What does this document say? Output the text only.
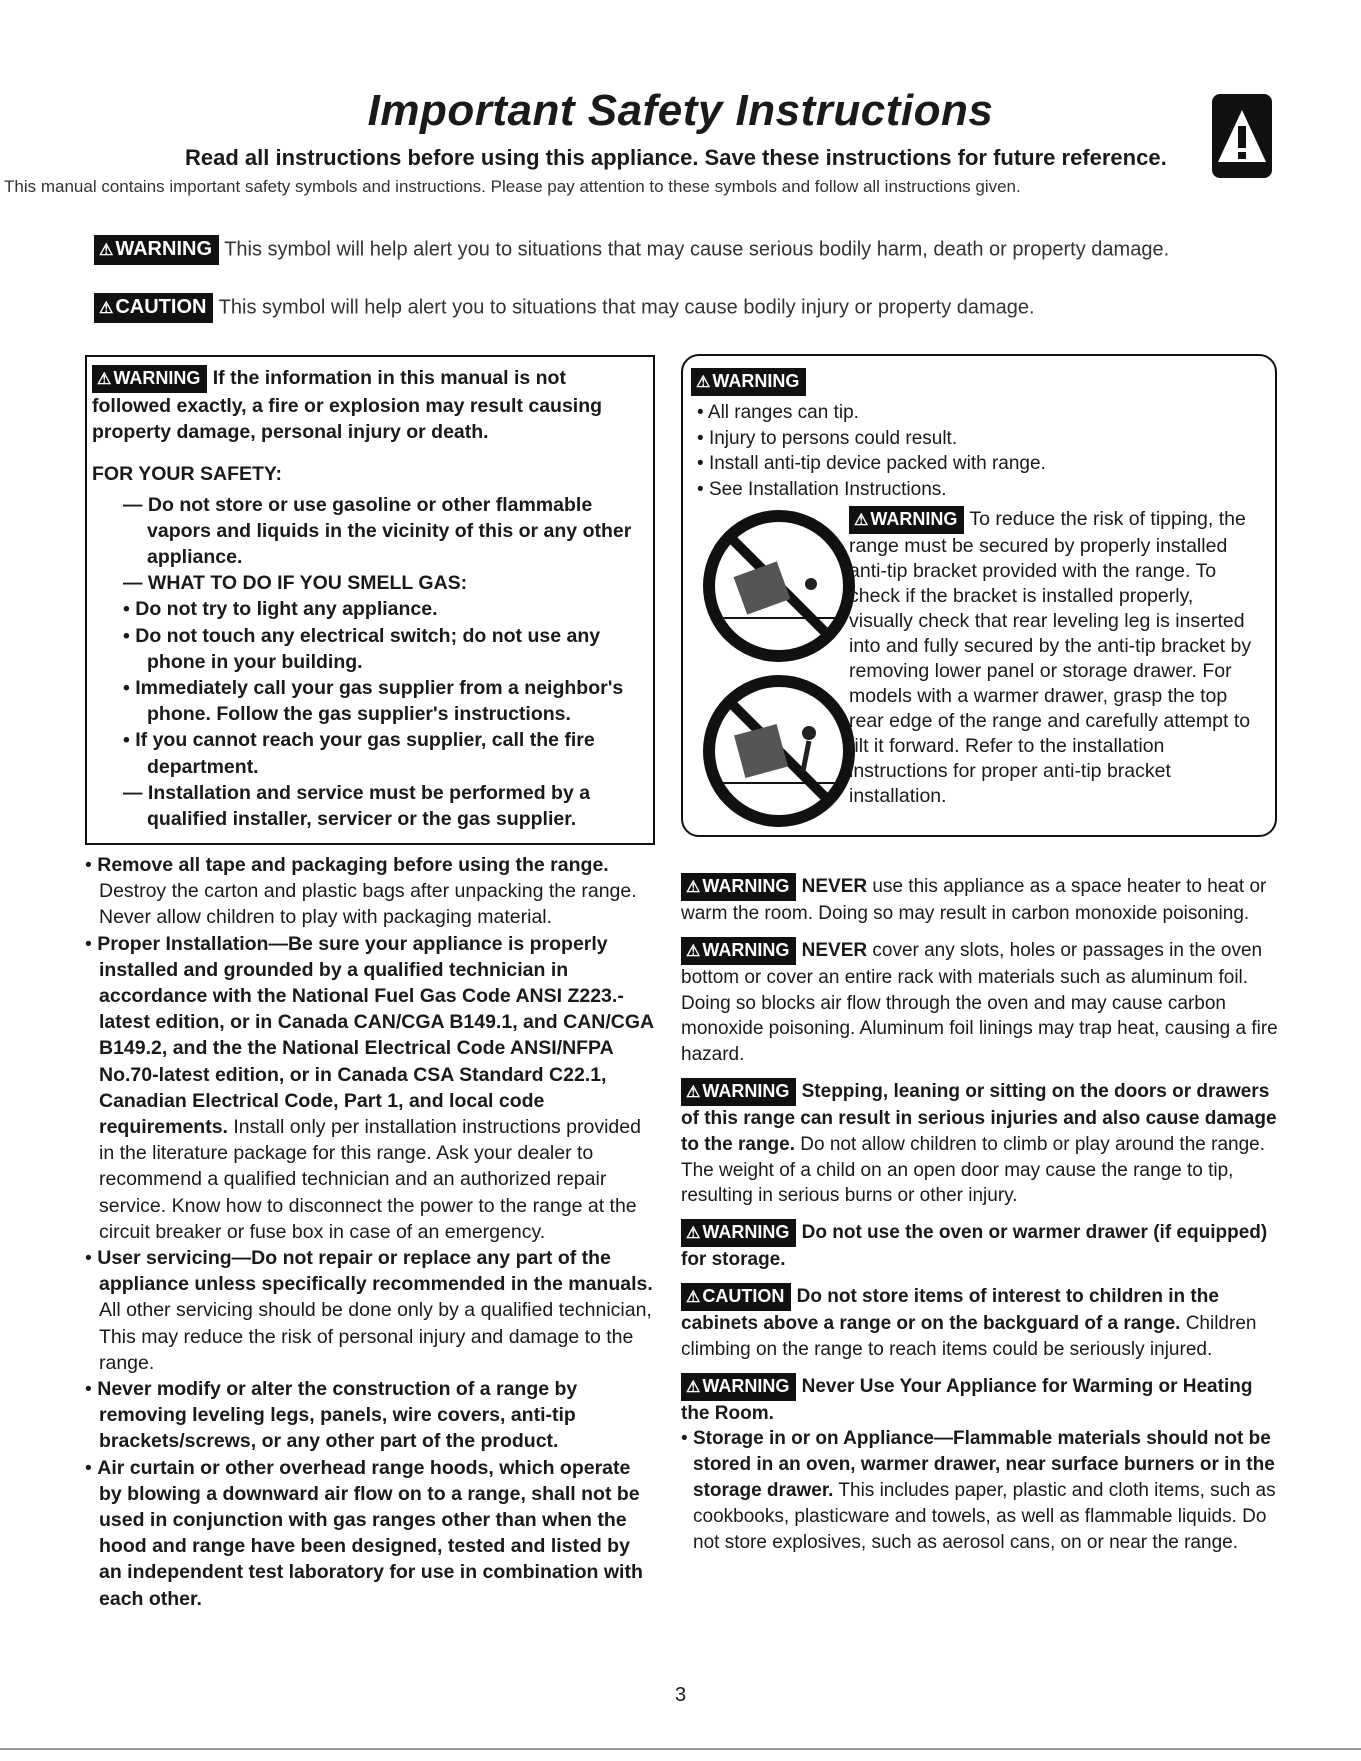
Important Safety Instructions
Read all instructions before using this appliance. Save these instructions for future reference.
This manual contains important safety symbols and instructions. Please pay attention to these symbols and follow all instructions given.
⚠ WARNING This symbol will help alert you to situations that may cause serious bodily harm, death or property damage.
⚠ CAUTION This symbol will help alert you to situations that may cause bodily injury or property damage.
⚠ WARNING If the information in this manual is not followed exactly, a fire or explosion may result causing property damage, personal injury or death.
FOR YOUR SAFETY:
— Do not store or use gasoline or other flammable vapors and liquids in the vicinity of this or any other appliance.
— WHAT TO DO IF YOU SMELL GAS:
• Do not try to light any appliance.
• Do not touch any electrical switch; do not use any phone in your building.
• Immediately call your gas supplier from a neighbor's phone. Follow the gas supplier's instructions.
• If you cannot reach your gas supplier, call the fire department.
— Installation and service must be performed by a qualified installer, servicer or the gas supplier.

• Remove all tape and packaging before using the range. Destroy the carton and plastic bags after unpacking the range. Never allow children to play with packaging material.

• Proper Installation—Be sure your appliance is properly installed and grounded by a qualified technician in accordance with the National Fuel Gas Code ANSI Z223.- latest edition, or in Canada CAN/CGA B149.1, and CAN/CGA B149.2, and the the National Electrical Code ANSI/NFPA No.70-latest edition, or in Canada CSA Standard C22.1, Canadian Electrical Code, Part 1, and local code requirements. Install only per installation instructions provided in the literature package for this range. Ask your dealer to recommend a qualified technician and an authorized repair service. Know how to disconnect the power to the range at the circuit breaker or fuse box in case of an emergency.

• User servicing—Do not repair or replace any part of the appliance unless specifically recommended in the manuals. All other servicing should be done only by a qualified technician, This may reduce the risk of personal injury and damage to the range.

• Never modify or alter the construction of a range by removing leveling legs, panels, wire covers, anti-tip brackets/screws, or any other part of the product.

• Air curtain or other overhead range hoods, which operate by blowing a downward air flow on to a range, shall not be used in conjunction with gas ranges other than when the hood and range have been designed, tested and listed by an independent test laboratory for use in combination with each other.

⚠ WARNING
• All ranges can tip.
• Injury to persons could result.
• Install anti-tip device packed with range.
• See Installation Instructions.
⚠ WARNING To reduce the risk of tipping, the range must be secured by properly installed anti-tip bracket provided with the range. To check if the bracket is installed properly, visually check that rear leveling leg is inserted into and fully secured by the anti-tip bracket by removing lower panel or storage drawer. For models with a warmer drawer, grasp the top rear edge of the range and carefully attempt to tilt it forward. Refer to the installation instructions for proper anti-tip bracket installation.

⚠ WARNING NEVER use this appliance as a space heater to heat or warm the room. Doing so may result in carbon monoxide poisoning.

⚠ WARNING NEVER cover any slots, holes or passages in the oven bottom or cover an entire rack with materials such as aluminum foil. Doing so blocks air flow through the oven and may cause carbon monoxide poisoning. Aluminum foil linings may trap heat, causing a fire hazard.

⚠ WARNING Stepping, leaning or sitting on the doors or drawers of this range can result in serious injuries and also cause damage to the range. Do not allow children to climb or play around the range. The weight of a child on an open door may cause the range to tip, resulting in serious burns or other injury.

⚠ WARNING Do not use the oven or warmer drawer (if equipped) for storage.

⚠ CAUTION Do not store items of interest to children in the cabinets above a range or on the backguard of a range. Children climbing on the range to reach items could be seriously injured.

⚠ WARNING Never Use Your Appliance for Warming or Heating the Room.

• Storage in or on Appliance—Flammable materials should not be stored in an oven, warmer drawer, near surface burners or in the storage drawer. This includes paper, plastic and cloth items, such as cookbooks, plasticware and towels, as well as flammable liquids. Do not store explosives, such as aerosol cans, on or near the range.

3
